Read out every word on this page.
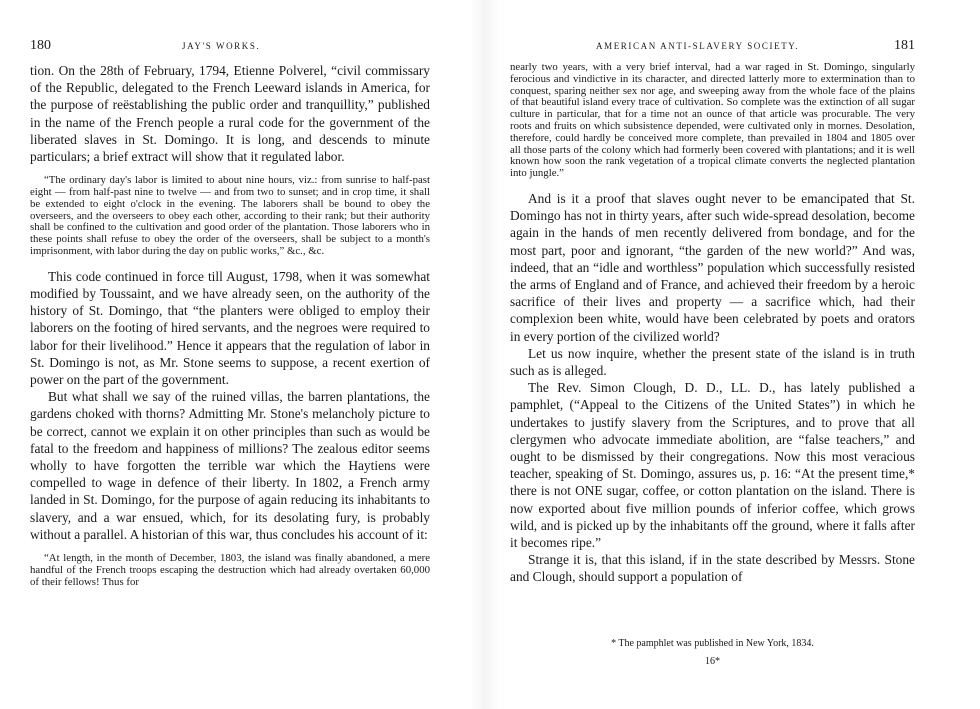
180	JAY'S WORKS.

tion. On the 28th of February, 1794, Etienne Polverel, “civil commissary of the Republic, delegated to the French Leeward islands in America, for the purpose of reëstablishing the public order and tranquillity,” published in the name of the French people a rural code for the government of the liberated slaves in St. Domingo. It is long, and descends to minute particulars; a brief extract will show that it regulated labor.

“The ordinary day's labor is limited to about nine hours, viz.: from sunrise to half-past eight — from half-past nine to twelve — and from two to sunset; and in crop time, it shall be extended to eight o'clock in the evening. The laborers shall be bound to obey the overseers, and the overseers to obey each other, according to their rank; but their authority shall be confined to the cultivation and good order of the plantation. Those laborers who in these points shall refuse to obey the order of the overseers, shall be subject to a month's imprisonment, with labor during the day on public works,” &c., &c.

This code continued in force till August, 1798, when it was somewhat modified by Toussaint, and we have already seen, on the authority of the history of St. Domingo, that “the planters were obliged to employ their laborers on the footing of hired servants, and the negroes were required to labor for their livelihood.” Hence it appears that the regulation of labor in St. Domingo is not, as Mr. Stone seems to suppose, a recent exertion of power on the part of the government.

But what shall we say of the ruined villas, the barren plantations, the gardens choked with thorns? Admitting Mr. Stone's melancholy picture to be correct, cannot we explain it on other principles than such as would be fatal to the freedom and happiness of millions? The zealous editor seems wholly to have forgotten the terrible war which the Haytiens were compelled to wage in defence of their liberty. In 1802, a French army landed in St. Domingo, for the purpose of again reducing its inhabitants to slavery, and a war ensued, which, for its desolating fury, is probably without a parallel. A historian of this war, thus concludes his account of it:

“At length, in the month of December, 1803, the island was finally abandoned, a mere handful of the French troops escaping the destruction which had already overtaken 60,000 of their fellows! Thus for

AMERICAN ANTI-SLAVERY SOCIETY.	181

nearly two years, with a very brief interval, had a war raged in St. Domingo, singularly ferocious and vindictive in its character, and directed latterly more to extermination than to conquest, sparing neither sex nor age, and sweeping away from the whole face of the plains of that beautiful island every trace of cultivation. So complete was the extinction of all sugar culture in particular, that for a time not an ounce of that article was procurable. The very roots and fruits on which subsistence depended, were cultivated only in mornes. Desolation, therefore, could hardly be conceived more complete, than prevailed in 1804 and 1805 over all those parts of the colony which had formerly been covered with plantations; and it is well known how soon the rank vegetation of a tropical climate converts the neglected plantation into jungle.”

And is it a proof that slaves ought never to be emancipated that St. Domingo has not in thirty years, after such wide-spread desolation, become again in the hands of men recently delivered from bondage, and for the most part, poor and ignorant, “the garden of the new world?” And was, indeed, that an “idle and worthless” population which successfully resisted the arms of England and of France, and achieved their freedom by a heroic sacrifice of their lives and property — a sacrifice which, had their complexion been white, would have been celebrated by poets and orators in every portion of the civilized world?

Let us now inquire, whether the present state of the island is in truth such as is alleged.

The Rev. Simon Clough, D. D., LL. D., has lately published a pamphlet, (“Appeal to the Citizens of the United States”) in which he undertakes to justify slavery from the Scriptures, and to prove that all clergymen who advocate immediate abolition, are “false teachers,” and ought to be dismissed by their congregations. Now this most veracious teacher, speaking of St. Domingo, assures us, p. 16: “At the present time,* there is not ONE sugar, coffee, or cotton plantation on the island. There is now exported about five million pounds of inferior coffee, which grows wild, and is picked up by the inhabitants off the ground, where it falls after it becomes ripe.”

Strange it is, that this island, if in the state described by Messrs. Stone and Clough, should support a population of

* The pamphlet was published in New York, 1834.
16*
